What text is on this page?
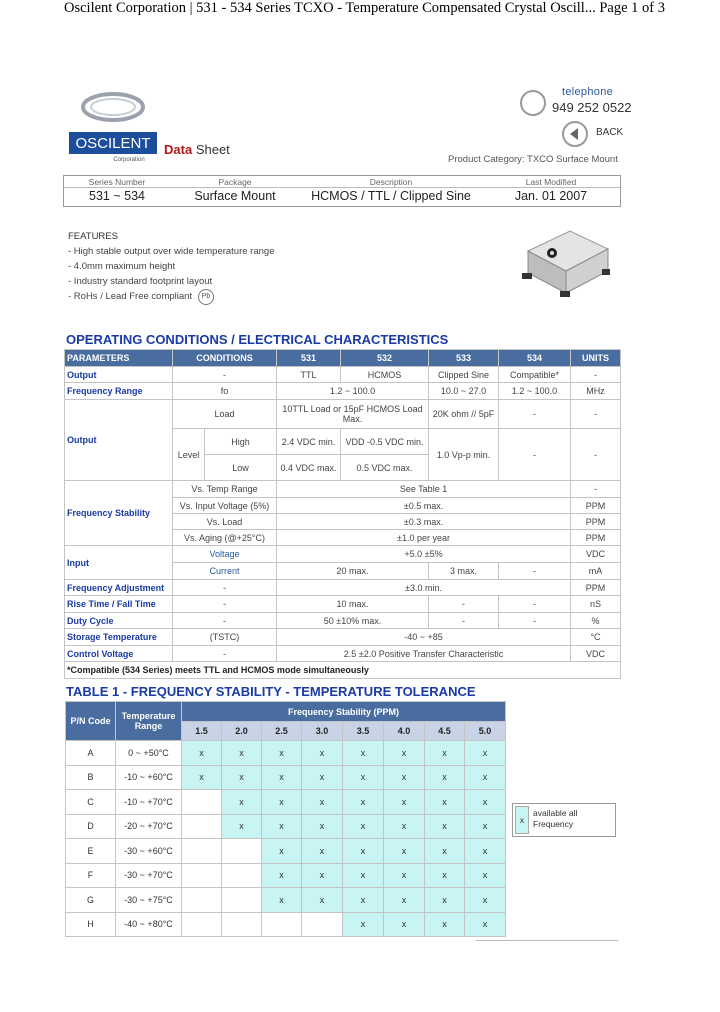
Oscilent Corporation | 531 - 534 Series TCXO - Temperature Compensated Crystal Oscill... Page 1 of 3
OSCILENT
Corporation
Data Sheet
telephone
949 252 0522
BACK
Product Category: TXCO Surface Mount
Series Number	Package	Description	Last Modified
531 ~ 534	Surface Mount	HCMOS / TTL / Clipped Sine	Jan. 01 2007
FEATURES
- High stable output over wide temperature range
- 4.0mm maximum height
- Industry standard footprint layout
- RoHs / Lead Free compliant	Pb
OPERATING CONDITIONS / ELECTRICAL CHARACTERISTICS
PARAMETERS	CONDITIONS		531	532	533	534	UNITS
Output	-		TTL	HCMOS	Clipped Sine	Compatible*	-
Frequency Range	fo		1.2 ~ 100.0		10.0 ~ 27.0	1.2 ~ 100.0	MHz
Output	Load		10TTL Load or 15pF HCMOS Load Max.		20K ohm // 5pF	-	-
	Level	High	2.4 VDC min.	VDD -0.5 VDC min.	1.0 Vp-p min.	-	-
		Low	0.4 VDC max.	0.5 VDC max.			
Frequency Stability	Vs. Temp Range		See Table 1				-
	Vs. Input Voltage (5%)		±0.5 max.				PPM
	Vs. Load		±0.3 max.				PPM
	Vs. Aging (@+25°C)		±1.0 per year				PPM
Input	Voltage		+5.0 ±5%				VDC
	Current		20 max.		3 max.	-	mA
Frequency Adjustment	-		±3.0 min.				PPM
Rise Time / Fall Time	-		10 max.		-	-	nS
Duty Cycle	-		50 ±10% max.		-	-	%
Storage Temperature	(TSTC)		-40 ~ +85				°C
Control Voltage	-		2.5 ±2.0 Positive Transfer Characteristic				VDC
*Compatible (534 Series) meets TTL and HCMOS mode simultaneously							
TABLE 1 - FREQUENCY STABILITY - TEMPERATURE TOLERANCE
P/N Code	Temperature Range	Frequency Stability (PPM)							
		1.5	2.0	2.5	3.0	3.5	4.0	4.5	5.0
A	0 ~ +50°C	x	x	x	x	x	x	x	x
B	-10 ~ +60°C	x	x	x	x	x	x	x	x
C	-10 ~ +70°C		x	x	x	x	x	x	x
D	-20 ~ +70°C		x	x	x	x	x	x	x
E	-30 ~ +60°C			x	x	x	x	x	x
F	-30 ~ +70°C			x	x	x	x	x	x
G	-30 ~ +75°C			x	x	x	x	x	x
H	-40 ~ +80°C					x	x	x	x
x
available all
Frequency
